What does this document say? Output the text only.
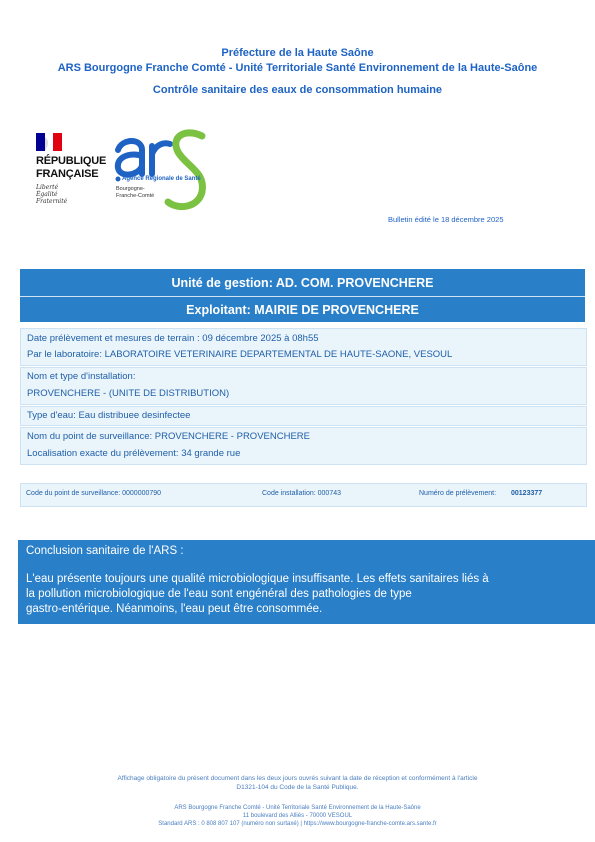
Préfecture de la Haute Saône
ARS Bourgogne Franche Comté - Unité Territoriale Santé Environnement de la Haute-Saône
Contrôle sanitaire des eaux de consommation humaine
RÉPUBLIQUE
FRANÇAISE
Liberté
Égalité
Fraternité
Agence Régionale de Santé
Bourgogne-
Franche-Comté
Bulletin édité le 18 décembre 2025
Unité de gestion: AD. COM. PROVENCHERE
Exploitant: MAIRIE DE PROVENCHERE
Date prélèvement et mesures de terrain : 09 décembre 2025 à 08h55
Par le laboratoire: LABORATOIRE VETERINAIRE DEPARTEMENTAL DE HAUTE-SAONE, VESOUL
Nom et type d'installation:
PROVENCHERE - (UNITE DE DISTRIBUTION)
Type d'eau: Eau distribuee desinfectee
Nom du point de surveillance: PROVENCHERE - PROVENCHERE
Localisation exacte du prélèvement: 34 grande rue
Code du point de surveillance: 0000000790	Code installation: 000743	Numéro de prélèvement: 00123377
Conclusion sanitaire de l'ARS :
L'eau présente toujours une qualité microbiologique insuffisante. Les effets sanitaires liés à
la pollution microbiologique de l'eau sont engénéral des pathologies de type
gastro-entérique. Néanmoins, l'eau peut être consommée.
Affichage obligatoire du présent document dans les deux jours ouvrés suivant la date de réception et conformément à l'article
D1321-104 du Code de la Santé Publique.
ARS Bourgogne Franche Comté - Unité Territoriale Santé Environnement de la Haute-Saône
11 boulevard des Alliés - 70000 VESOUL
Standard ARS : 0 808 807 107 (numéro non surtaxé) | https://www.bourgogne-franche-comte.ars.sante.fr
